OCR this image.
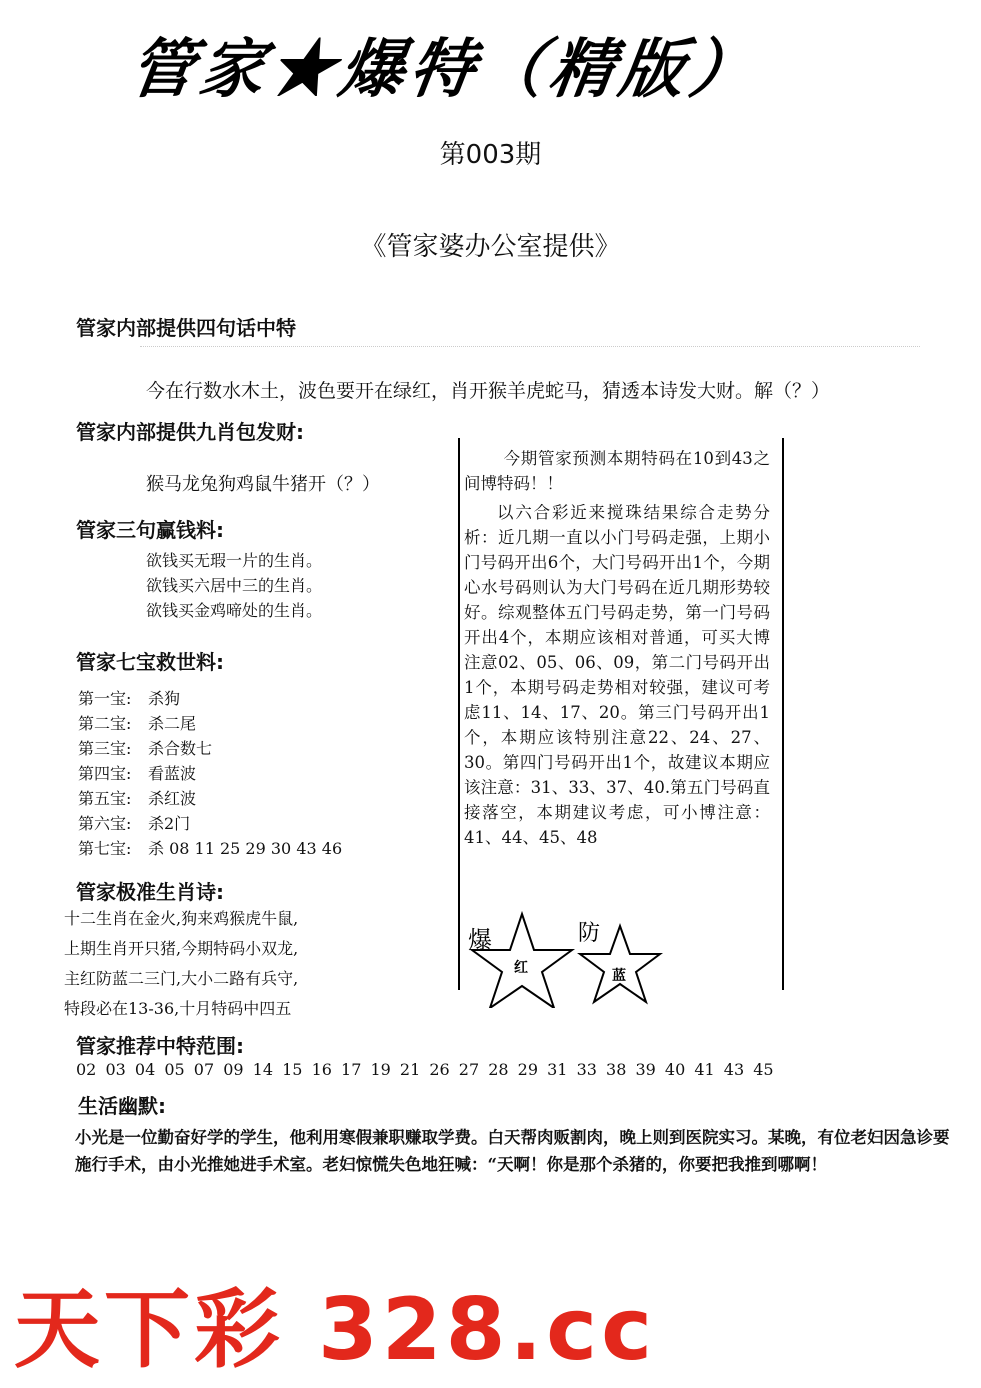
管家★爆特（精版）
第003期
《管家婆办公室提供》
管家内部提供四句话中特
今在行数水木土，波色要开在绿红，肖开猴羊虎蛇马，猜透本诗发大财。解（？）
管家内部提供九肖包发财:
猴马龙兔狗鸡鼠牛猪开（？）
管家三句赢钱料:
欲钱买无瑕一片的生肖。
欲钱买六居中三的生肖。
欲钱买金鸡啼处的生肖。
管家七宝救世料:
第一宝: 杀狗
第二宝: 杀二尾
第三宝: 杀合数七
第四宝: 看蓝波
第五宝: 杀红波
第六宝: 杀2门
第七宝: 杀 08 11 25 29 30 43 46
管家极准生肖诗:
十二生肖在金火,狗来鸡猴虎牛鼠,
上期生肖开只猪,今期特码小双龙,
主红防蓝二三门,大小二路有兵守,
特段必在13-36,十月特码中四五

今期管家预测本期特码在10到43之间博特码！！

以六合彩近来搅珠结果综合走势分析：近几期一直以小门号码走强，上期小门号码开出6个，大门号码开出1个，今期心水号码则认为大门号码在近几期形势较好。综观整体五门号码走势，第一门号码开出4个，本期应该相对普通，可买大博注意02、05、06、09，第二门号码开出1个，本期号码走势相对较强，建议可考虑11、14、17、20。第三门号码开出1个，本期应该特别注意22、24、27、30。第四门号码开出1个，故建议本期应该注意：31、33、37、40.第五门号码直接落空，本期建议考虑，可小博注意：41、44、45、48

爆
红
防
蓝
管家推荐中特范围:
02 03 04 05 07 09 14 15 16 17 19 21 26 27 28 29 31 33 38 39 40 41 43 45
生活幽默:
小光是一位勤奋好学的学生，他利用寒假兼职赚取学费。白天帮肉贩割肉，晚上则到医院实习。某晚，有位老妇因急诊要施行手术，由小光推她进手术室。老妇惊慌失色地狂喊：“天啊！你是那个杀猪的，你要把我推到哪啊！
天下彩 328.cc
